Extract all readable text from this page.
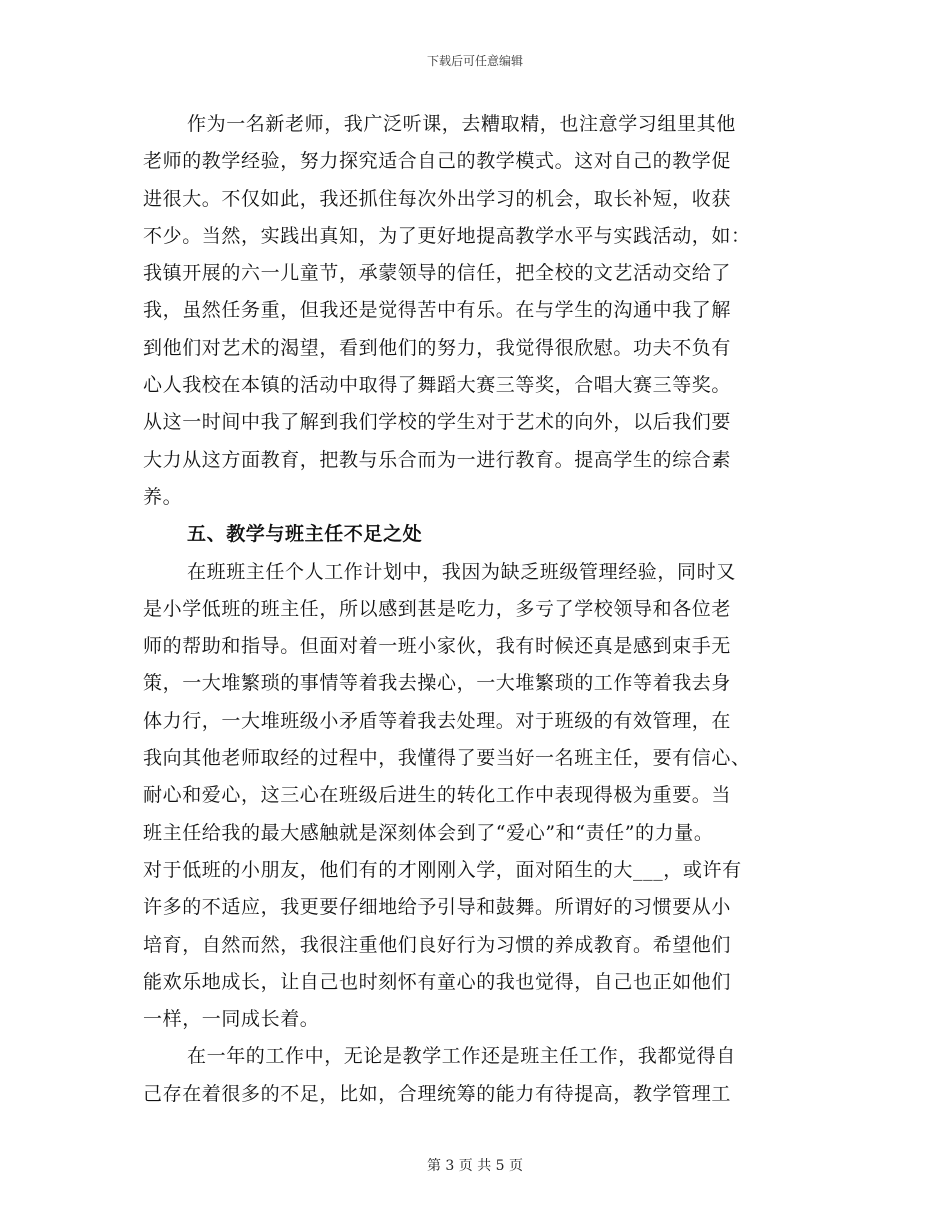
下载后可任意编辑
作为一名新老师，我广泛听课，去糟取精，也注意学习组里其他
老师的教学经验，努力探究适合自己的教学模式。这对自己的教学促
进很大。不仅如此，我还抓住每次外出学习的机会，取长补短，收获
不少。当然，实践出真知，为了更好地提高教学水平与实践活动，如：
我镇开展的六一儿童节，承蒙领导的信任，把全校的文艺活动交给了
我，虽然任务重，但我还是觉得苦中有乐。在与学生的沟通中我了解
到他们对艺术的渴望，看到他们的努力，我觉得很欣慰。功夫不负有
心人我校在本镇的活动中取得了舞蹈大赛三等奖，合唱大赛三等奖。
从这一时间中我了解到我们学校的学生对于艺术的向外，以后我们要
大力从这方面教育，把教与乐合而为一进行教育。提高学生的综合素
养。
五、教学与班主任不足之处
在班班主任个人工作计划中，我因为缺乏班级管理经验，同时又
是小学低班的班主任，所以感到甚是吃力，多亏了学校领导和各位老
师的帮助和指导。但面对着一班小家伙，我有时候还真是感到束手无
策，一大堆繁琐的事情等着我去操心，一大堆繁琐的工作等着我去身
体力行，一大堆班级小矛盾等着我去处理。对于班级的有效管理，在
我向其他老师取经的过程中，我懂得了要当好一名班主任，要有信心、
耐心和爱心，这三心在班级后进生的转化工作中表现得极为重要。当
班主任给我的最大感触就是深刻体会到了“爱心”和“责任”的力量。
对于低班的小朋友，他们有的才刚刚入学，面对陌生的大___，或许有
许多的不适应，我更要仔细地给予引导和鼓舞。所谓好的习惯要从小
培育，自然而然，我很注重他们良好行为习惯的养成教育。希望他们
能欢乐地成长，让自己也时刻怀有童心的我也觉得，自己也正如他们
一样，一同成长着。
在一年的工作中，无论是教学工作还是班主任工作，我都觉得自
己存在着很多的不足，比如，合理统筹的能力有待提高，教学管理工
第 3 页 共 5 页
